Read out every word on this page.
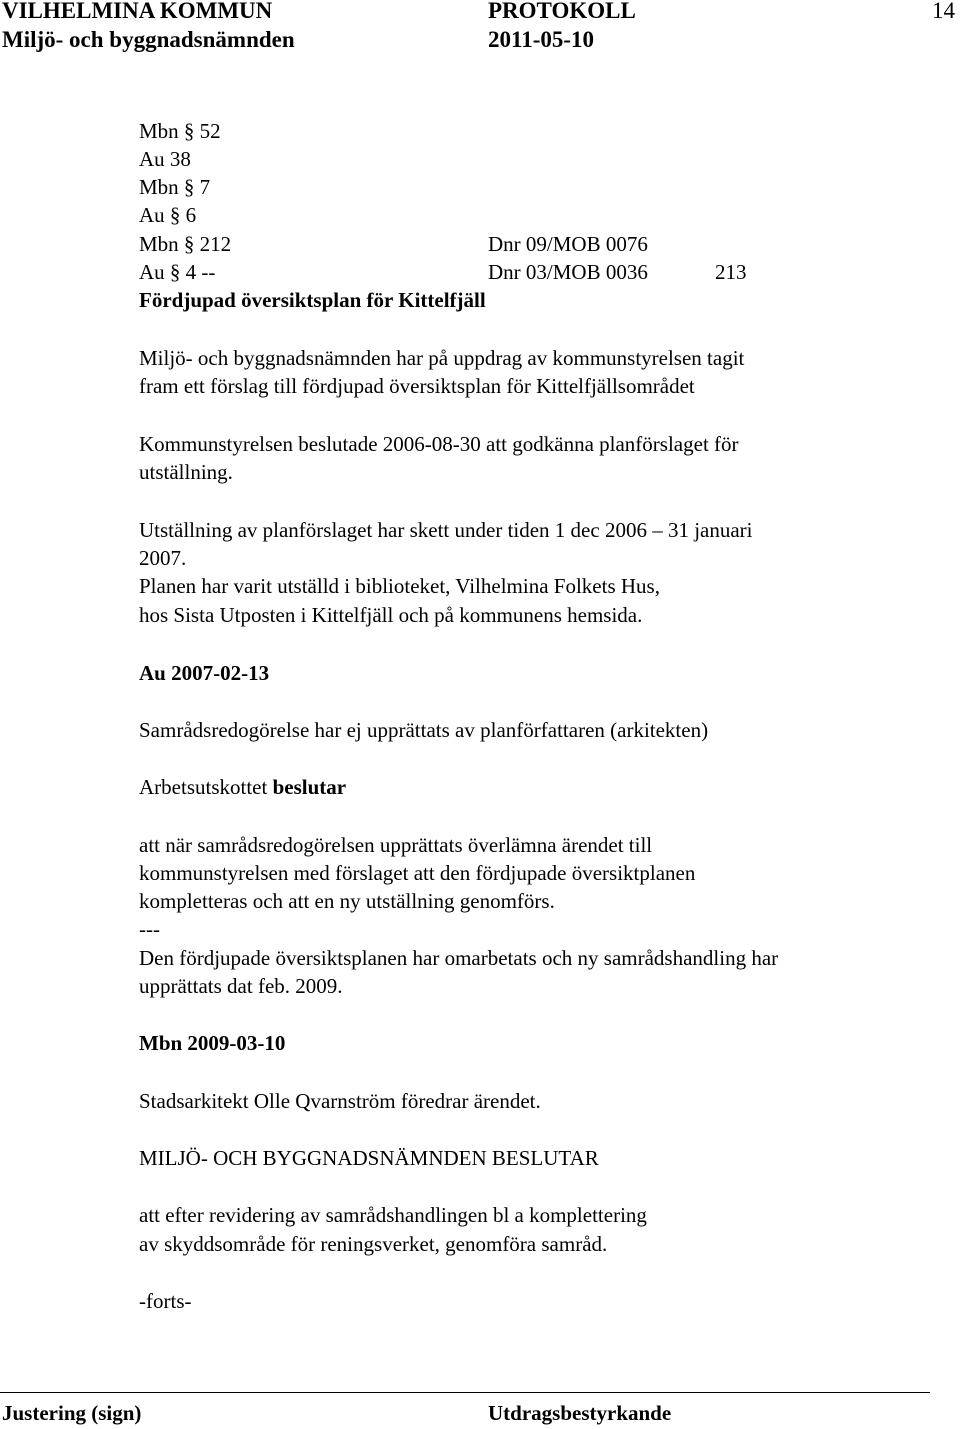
VILHELMINA KOMMUN	PROTOKOLL	14
Miljö- och byggnadsnämnden	2011-05-10
Mbn § 52
Au 38
Mbn § 7
Au § 6
Mbn § 212	Dnr 09/MOB 0076
Au § 4 --	Dnr 03/MOB 0036	213
Fördjupad översiktsplan för Kittelfjäll
Miljö- och byggnadsnämnden har på uppdrag av kommunstyrelsen tagit
fram ett förslag till fördjupad översiktsplan för Kittelfjällsområdet
Kommunstyrelsen beslutade 2006-08-30 att godkänna planförslaget för
utställning.
Utställning av planförslaget har skett under tiden 1 dec 2006 – 31 januari
2007.
Planen har varit utställd i biblioteket, Vilhelmina Folkets Hus,
hos Sista Utposten i Kittelfjäll och på kommunens hemsida.
Au 2007-02-13
Samrådsredogörelse har ej upprättats av planförfattaren (arkitekten)
Arbetsutskottet beslutar
att när samrådsredogörelsen upprättats överlämna ärendet till
kommunstyrelsen med förslaget att den fördjupade översiktplanen
kompletteras och att en ny utställning genomförs.
---
Den fördjupade översiktsplanen har omarbetats och ny samrådshandling har
upprättats dat feb. 2009.
Mbn 2009-03-10
Stadsarkitekt Olle Qvarnström föredrar ärendet.
MILJÖ- OCH BYGGNADSNÄMNDEN BESLUTAR
att efter revidering av samrådshandlingen bl a komplettering
av skyddsområde för reningsverket, genomföra samråd.
-forts-
Justering (sign)	Utdragsbestyrkande
